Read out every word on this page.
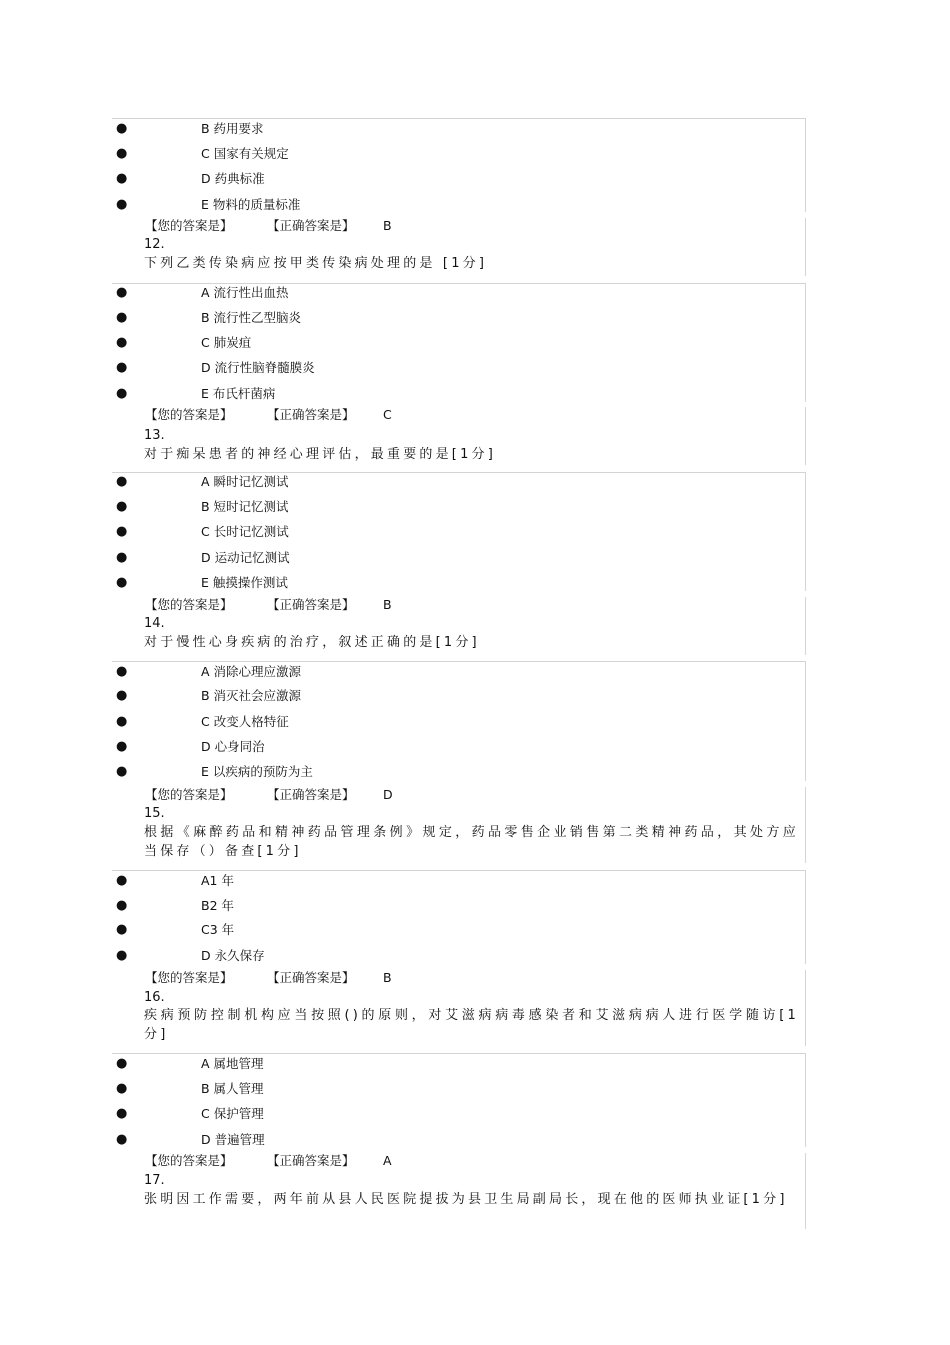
●	B 药用要求
●	C 国家有关规定
●	D 药典标准
●	E 物料的质量标准
【您的答案是】	【正确答案是】 B
12.
下列乙类传染病应按甲类传染病处理的是 [1分]
●	A 流行性出血热
●	B 流行性乙型脑炎
●	C 肺炭疽
●	D 流行性脑脊髓膜炎
●	E 布氏杆菌病
【您的答案是】	【正确答案是】 C
13.
对于痴呆患者的神经心理评估，最重要的是[1分]
●	A 瞬时记忆测试
●	B 短时记忆测试
●	C 长时记忆测试
●	D 运动记忆测试
●	E 触摸操作测试
【您的答案是】	【正确答案是】 B
14.
对于慢性心身疾病的治疗，叙述正确的是[1分]
●	A 消除心理应激源
●	B 消灭社会应激源
●	C 改变人格特征
●	D 心身同治
●	E 以疾病的预防为主
【您的答案是】	【正确答案是】 D
15.
根据《麻醉药品和精神药品管理条例》规定，药品零售企业销售第二类精神药品，其处方应当保存（）备查[1分]
●	A1 年
●	B2 年
●	C3 年
●	D 永久保存
【您的答案是】	【正确答案是】 B
16.
疾病预防控制机构应当按照()的原则，对艾滋病病毒感染者和艾滋病病人进行医学随访[1分]
●	A 属地管理
●	B 属人管理
●	C 保护管理
●	D 普遍管理
【您的答案是】	【正确答案是】 A
17.
张明因工作需要，两年前从县人民医院提拔为县卫生局副局长，现在他的医师执业证[1分]
